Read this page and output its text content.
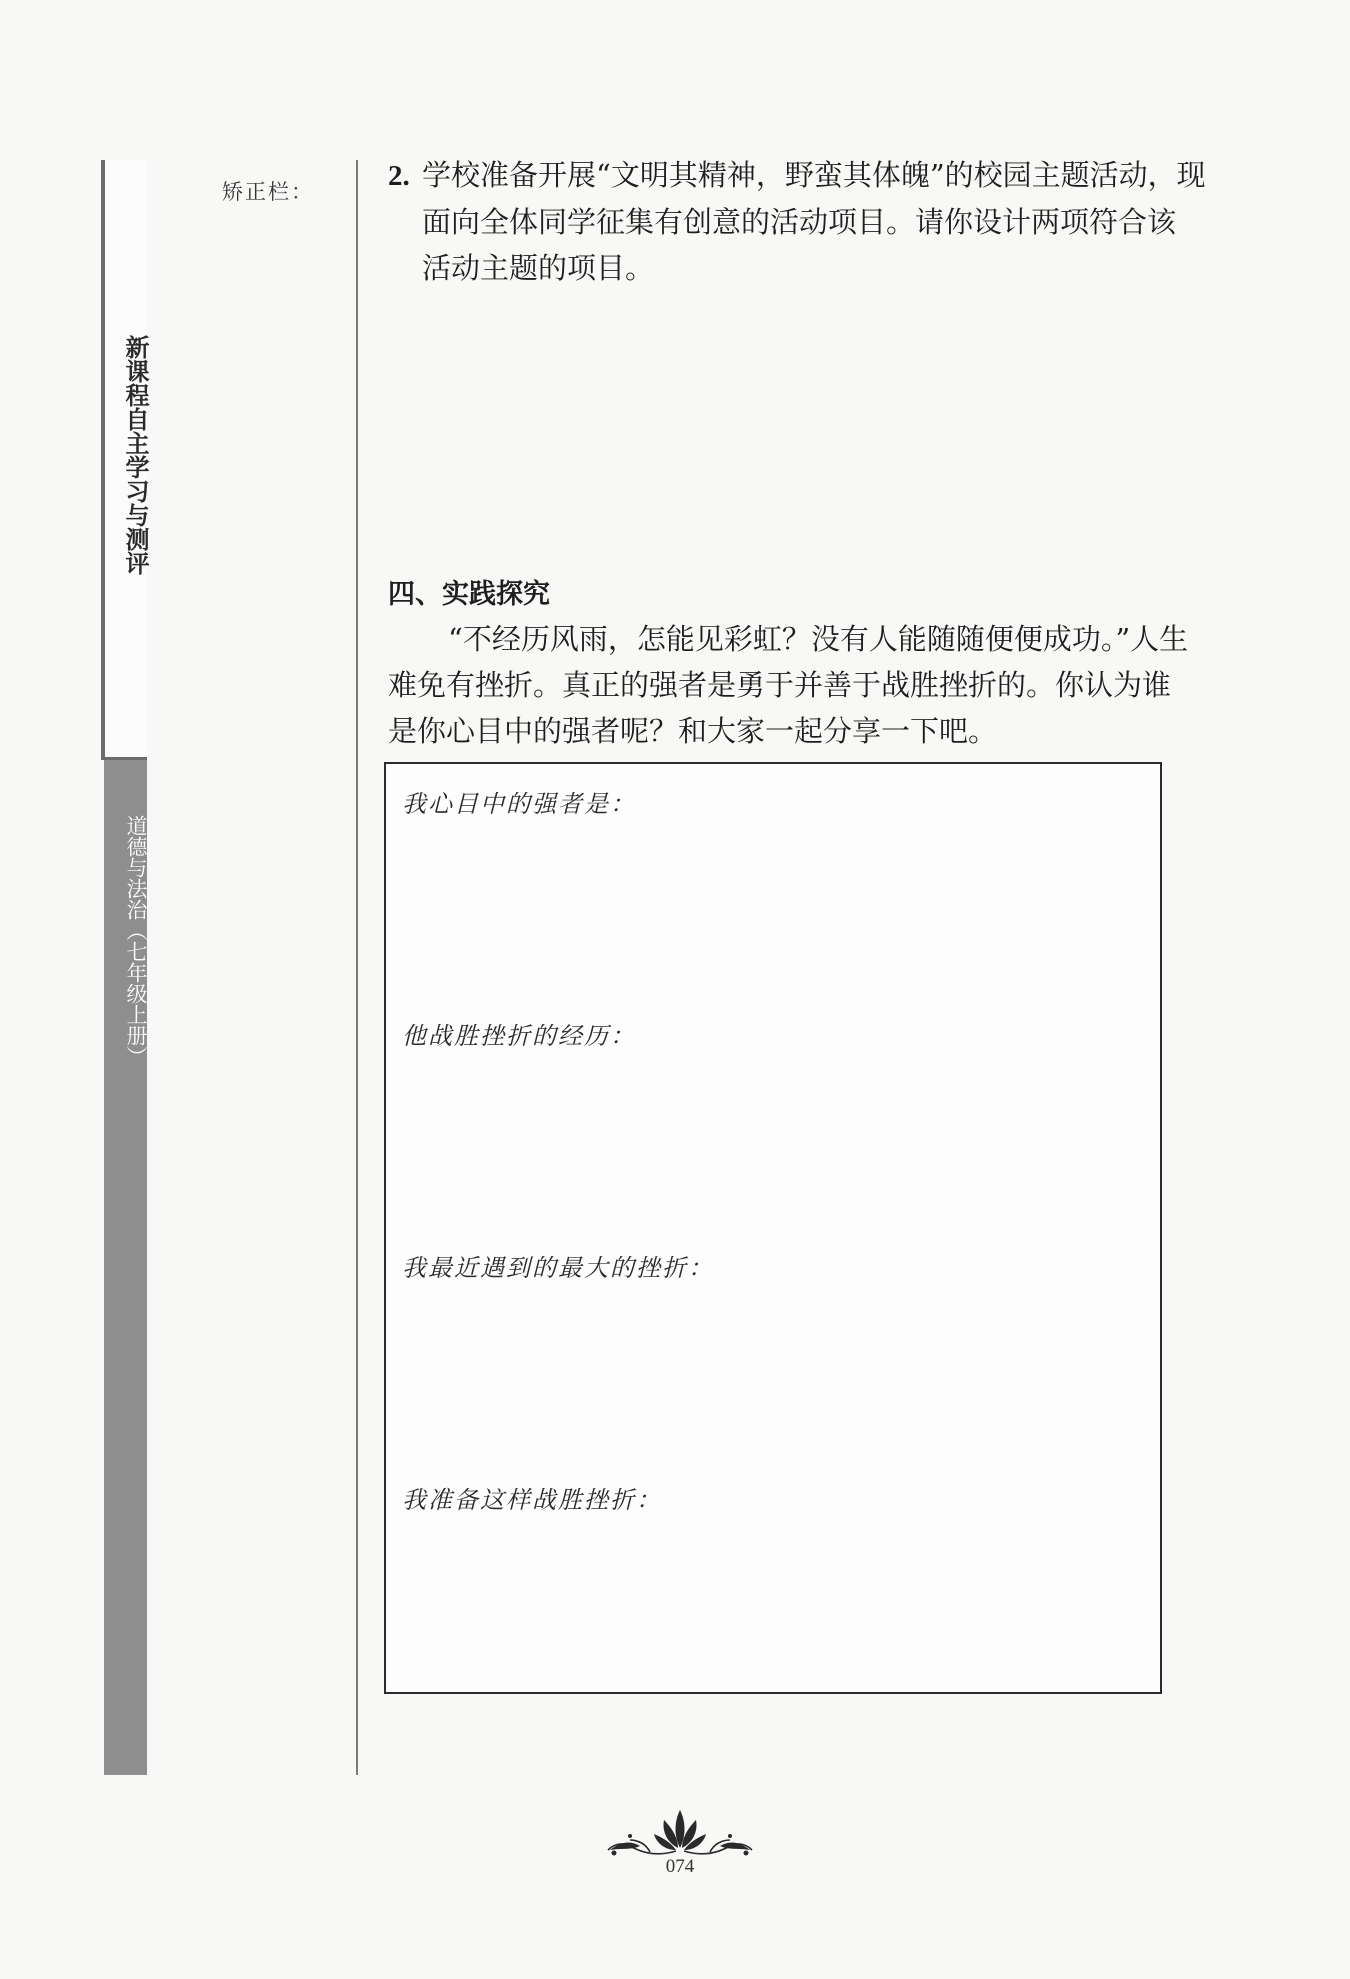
新课程自主学习与测评
道德与法治（七年级上册）
矫正栏：	2. 学校准备开展“文明其精神，野蛮其体魄”的校园主题活动，现
面向全体同学征集有创意的活动项目。请你设计两项符合该
活动主题的项目。
四、实践探究
“不经历风雨，怎能见彩虹？没有人能随随便便成功。”人生
难免有挫折。真正的强者是勇于并善于战胜挫折的。你认为谁
是你心目中的强者呢？和大家一起分享一下吧。
我心目中的强者是：
他战胜挫折的经历：
我最近遇到的最大的挫折：
我准备这样战胜挫折：
074
